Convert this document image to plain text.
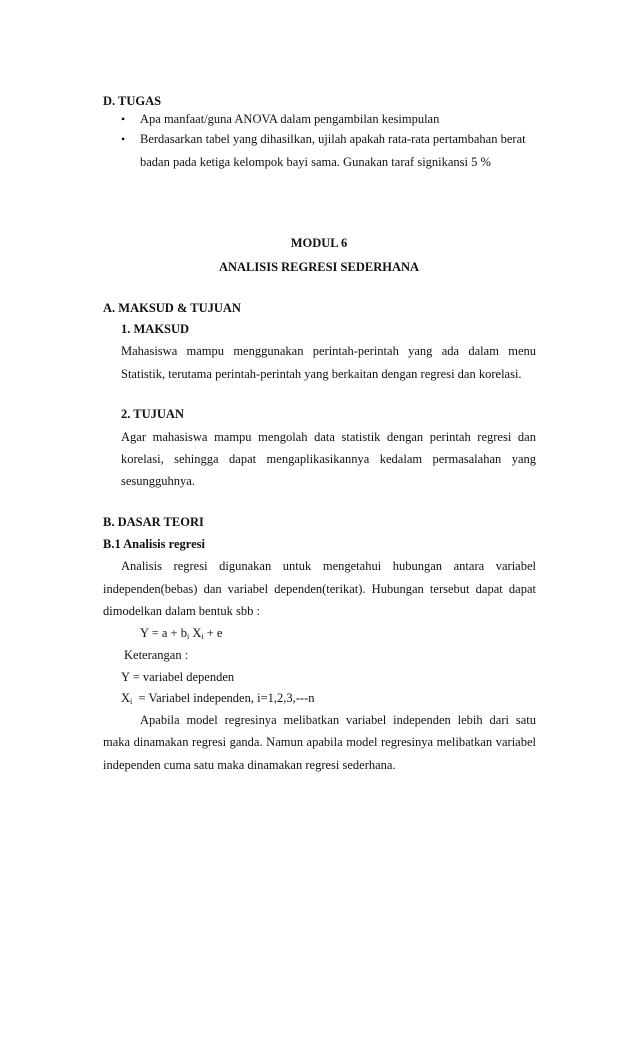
D. TUGAS
• Apa manfaat/guna ANOVA dalam pengambilan kesimpulan
• Berdasarkan tabel yang dihasilkan, ujilah apakah rata-rata pertambahan berat
badan pada ketiga kelompok bayi sama. Gunakan taraf signikansi 5 %
MODUL 6
ANALISIS REGRESI SEDERHANA
A. MAKSUD & TUJUAN
1. MAKSUD
Mahasiswa mampu menggunakan perintah-perintah yang ada dalam menu
Statistik, terutama perintah-perintah yang berkaitan dengan regresi dan korelasi.
2. TUJUAN
Agar mahasiswa mampu mengolah data statistik dengan perintah regresi dan
korelasi, sehingga dapat mengaplikasikannya kedalam permasalahan yang
sesungguhnya.
B. DASAR TEORI
B.1 Analisis regresi
Analisis regresi digunakan untuk mengetahui hubungan antara variabel
independen(bebas) dan variabel dependen(terikat). Hubungan tersebut dapat dapat
dimodelkan dalam bentuk sbb :
$Y = a + b_i$ $X_i + e$
Keterangan :
Y = variabel dependen
$X_i$  = Variabel independen, i=1,2,3,---n
Apabila model regresinya melibatkan variabel independen lebih dari satu
maka dinamakan regresi ganda. Namun apabila model regresinya melibatkan variabel
independen cuma satu maka dinamakan regresi sederhana.
